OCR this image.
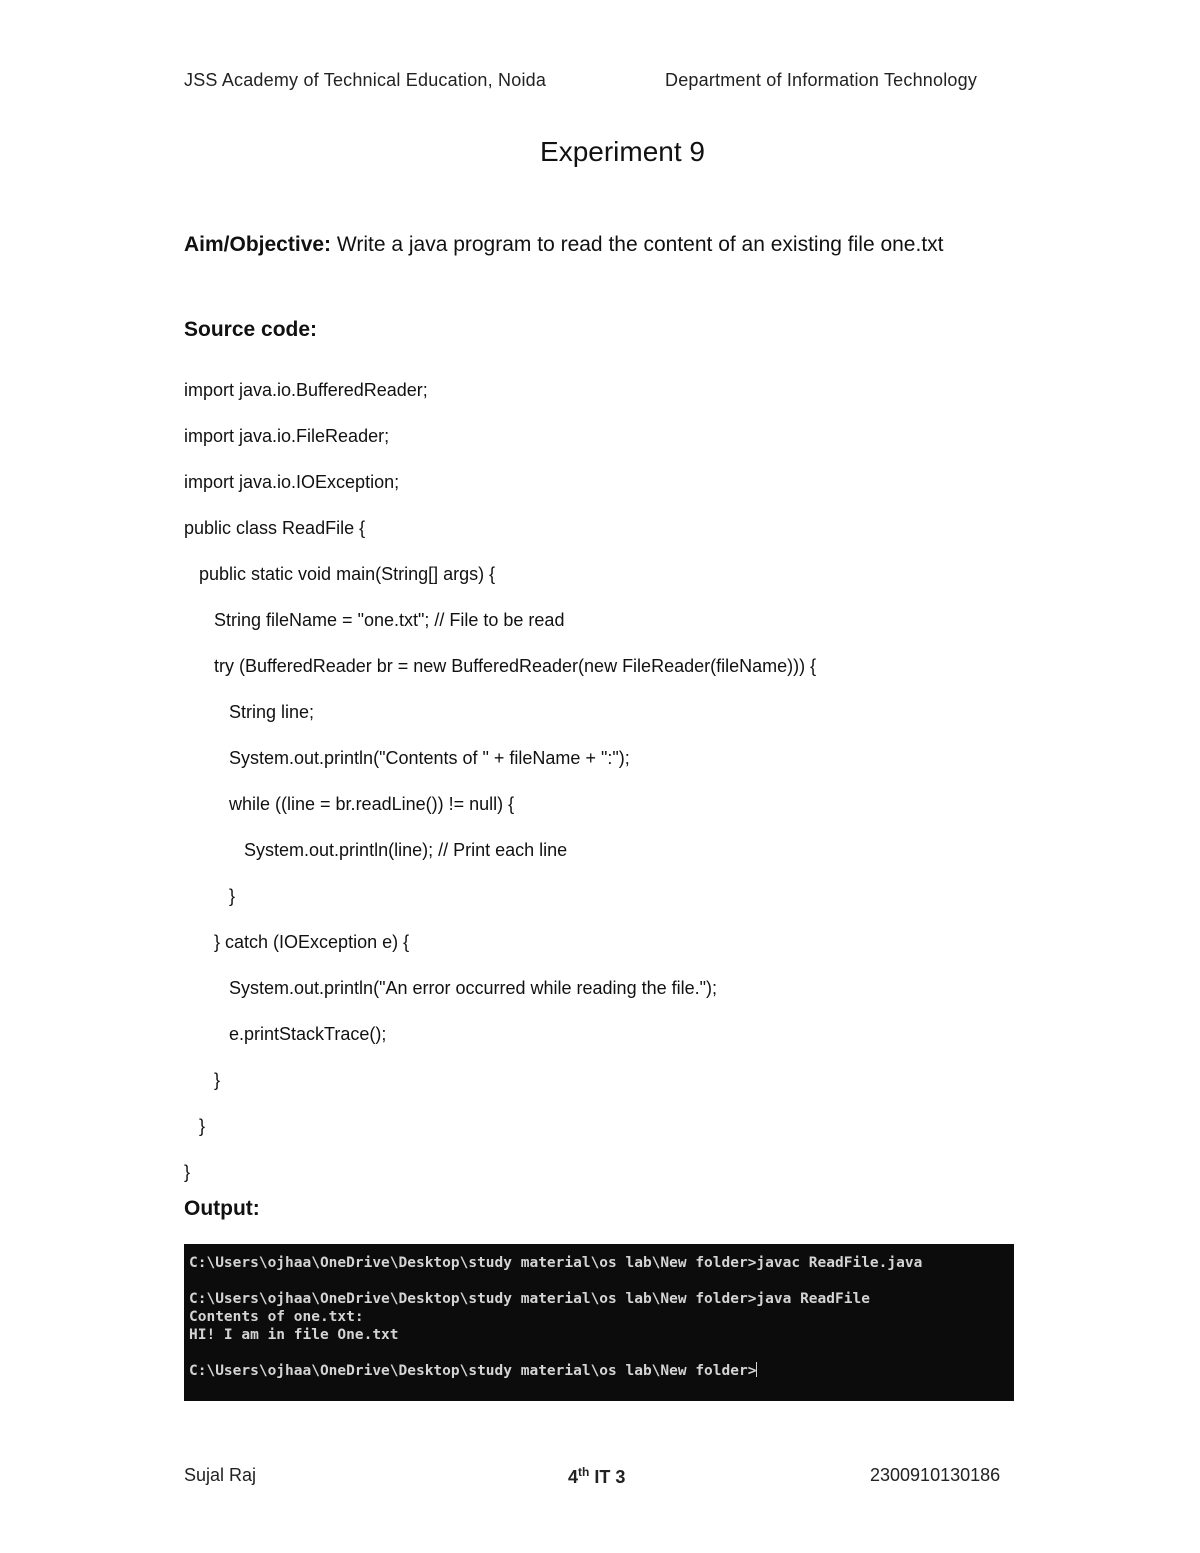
JSS Academy of Technical Education, Noida	Department of Information Technology
Experiment 9
Aim/Objective: Write a java program to read the content of an existing file one.txt
Source code:
import java.io.BufferedReader;
import java.io.FileReader;
import java.io.IOException;
public class ReadFile {
public static void main(String[] args) {
String fileName = "one.txt"; // File to be read
try (BufferedReader br = new BufferedReader(new FileReader(fileName))) {
String line;
System.out.println("Contents of " + fileName + ":");
while ((line = br.readLine()) != null) {
System.out.println(line); // Print each line
}
} catch (IOException e) {
System.out.println("An error occurred while reading the file.");
e.printStackTrace();
}
}
}
Output:
C:\Users\ojhaa\OneDrive\Desktop\study material\os lab\New folder>javac ReadFile.java
C:\Users\ojhaa\OneDrive\Desktop\study material\os lab\New folder>java ReadFile
Contents of one.txt:
HI! I am in file One.txt
C:\Users\ojhaa\OneDrive\Desktop\study material\os lab\New folder>
Sujal Raj	4th IT 3	2300910130186
